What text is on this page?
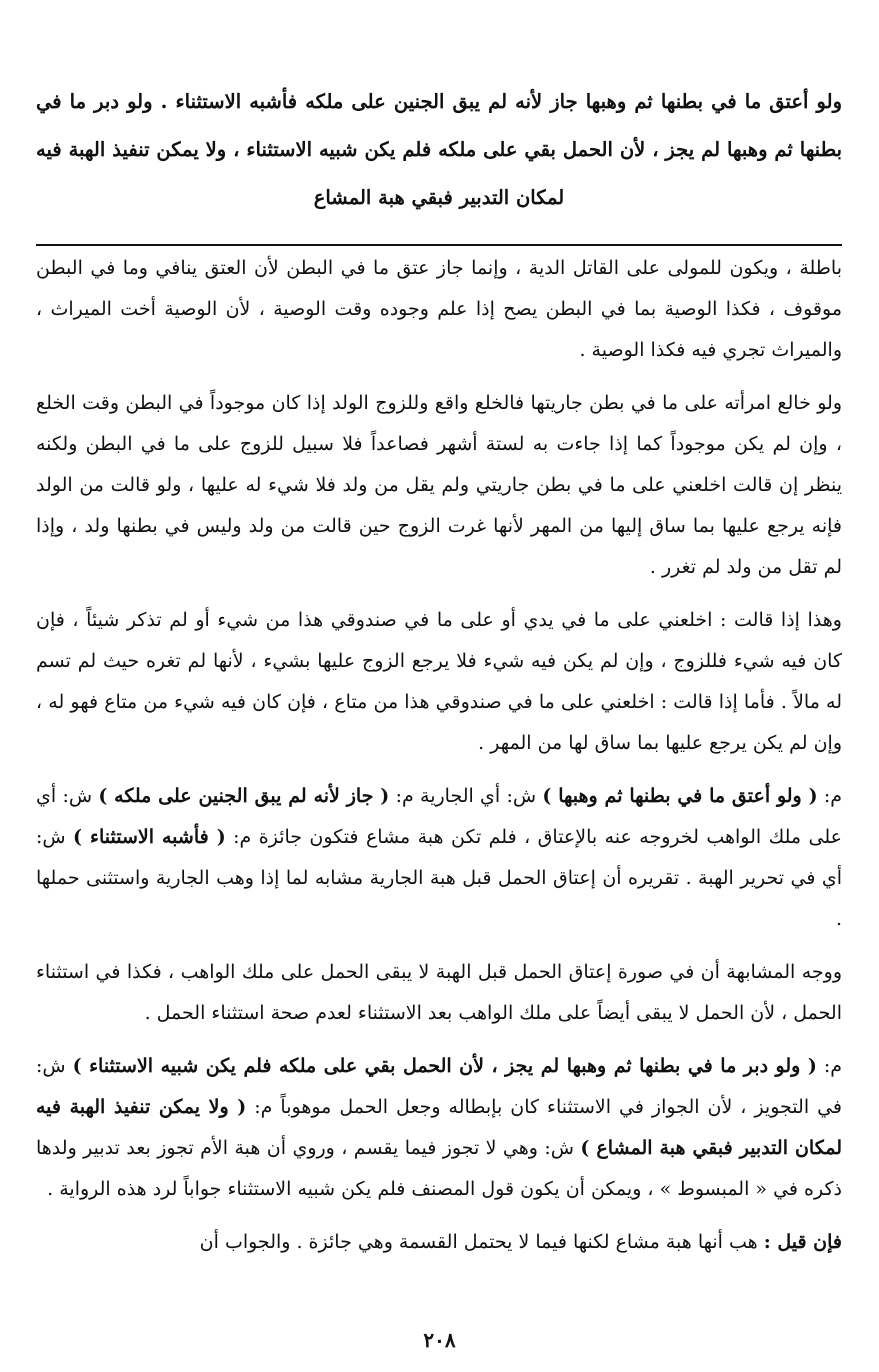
ولو أعتق ما في بطنها ثم وهبها جاز لأنه لم يبق الجنين على ملكه فأشبه الاستثناء . ولو دبر ما في بطنها ثم وهبها لم يجز ، لأن الحمل بقي على ملكه فلم يكن شبيه الاستثناء ، ولا يمكن تنفيذ الهبة فيه لمكان التدبير فبقي هبة المشاع

باطلة ، ويكون للمولى على القاتل الدية ، وإنما جاز عتق ما في البطن لأن العتق ينافي وما في البطن موقوف ، فكذا الوصية بما في البطن يصح إذا علم وجوده وقت الوصية ، لأن الوصية أخت الميراث ، والميراث تجري فيه فكذا الوصية .

ولو خالع امرأته على ما في بطن جاريتها فالخلع واقع وللزوج الولد إذا كان موجوداً في البطن وقت الخلع ، وإن لم يكن موجوداً كما إذا جاءت به لستة أشهر فصاعداً فلا سبيل للزوج على ما في البطن ولكنه ينظر إن قالت اخلعني على ما في بطن جاريتي ولم يقل من ولد فلا شيء له عليها ، ولو قالت من الولد فإنه يرجع عليها بما ساق إليها من المهر لأنها غرت الزوج حين قالت من ولد وليس في بطنها ولد ، وإذا لم تقل من ولد لم تغرر .

وهذا إذا قالت : اخلعني على ما في يدي أو على ما في صندوقي هذا من شيء أو لم تذكر شيئاً ، فإن كان فيه شيء فللزوج ، وإن لم يكن فيه شيء فلا يرجع الزوج عليها بشيء ، لأنها لم تغره حيث لم تسم له مالاً . فأما إذا قالت : اخلعني على ما في صندوقي هذا من متاع ، فإن كان فيه شيء من متاع فهو له ، وإن لم يكن يرجع عليها بما ساق لها من المهر .

م: ( ولو أعتق ما في بطنها ثم وهبها ) ش: أي الجارية م: ( جاز لأنه لم يبق الجنين على ملكه ) ش: أي على ملك الواهب لخروجه عنه بالإعتاق ، فلم تكن هبة مشاع فتكون جائزة م: ( فأشبه الاستثناء ) ش: أي في تحرير الهبة . تقريره أن إعتاق الحمل قبل هبة الجارية مشابه لما إذا وهب الجارية واستثنى حملها .

ووجه المشابهة أن في صورة إعتاق الحمل قبل الهبة لا يبقى الحمل على ملك الواهب ، فكذا في استثناء الحمل ، لأن الحمل لا يبقى أيضاً على ملك الواهب بعد الاستثناء لعدم صحة استثناء الحمل .

م: ( ولو دبر ما في بطنها ثم وهبها لم يجز ، لأن الحمل بقي على ملكه فلم يكن شبيه الاستثناء ) ش: في التجويز ، لأن الجواز في الاستثناء كان بإبطاله وجعل الحمل موهوباً م: ( ولا يمكن تنفيذ الهبة فيه لمكان التدبير فبقي هبة المشاع ) ش: وهي لا تجوز فيما يقسم ، وروي أن هبة الأم تجوز بعد تدبير ولدها ذكره في « المبسوط » ، ويمكن أن يكون قول المصنف فلم يكن شبيه الاستثناء جواباً لرد هذه الرواية .

فإن قيل : هب أنها هبة مشاع لكنها فيما لا يحتمل القسمة وهي جائزة . والجواب أن

٢٠٨
